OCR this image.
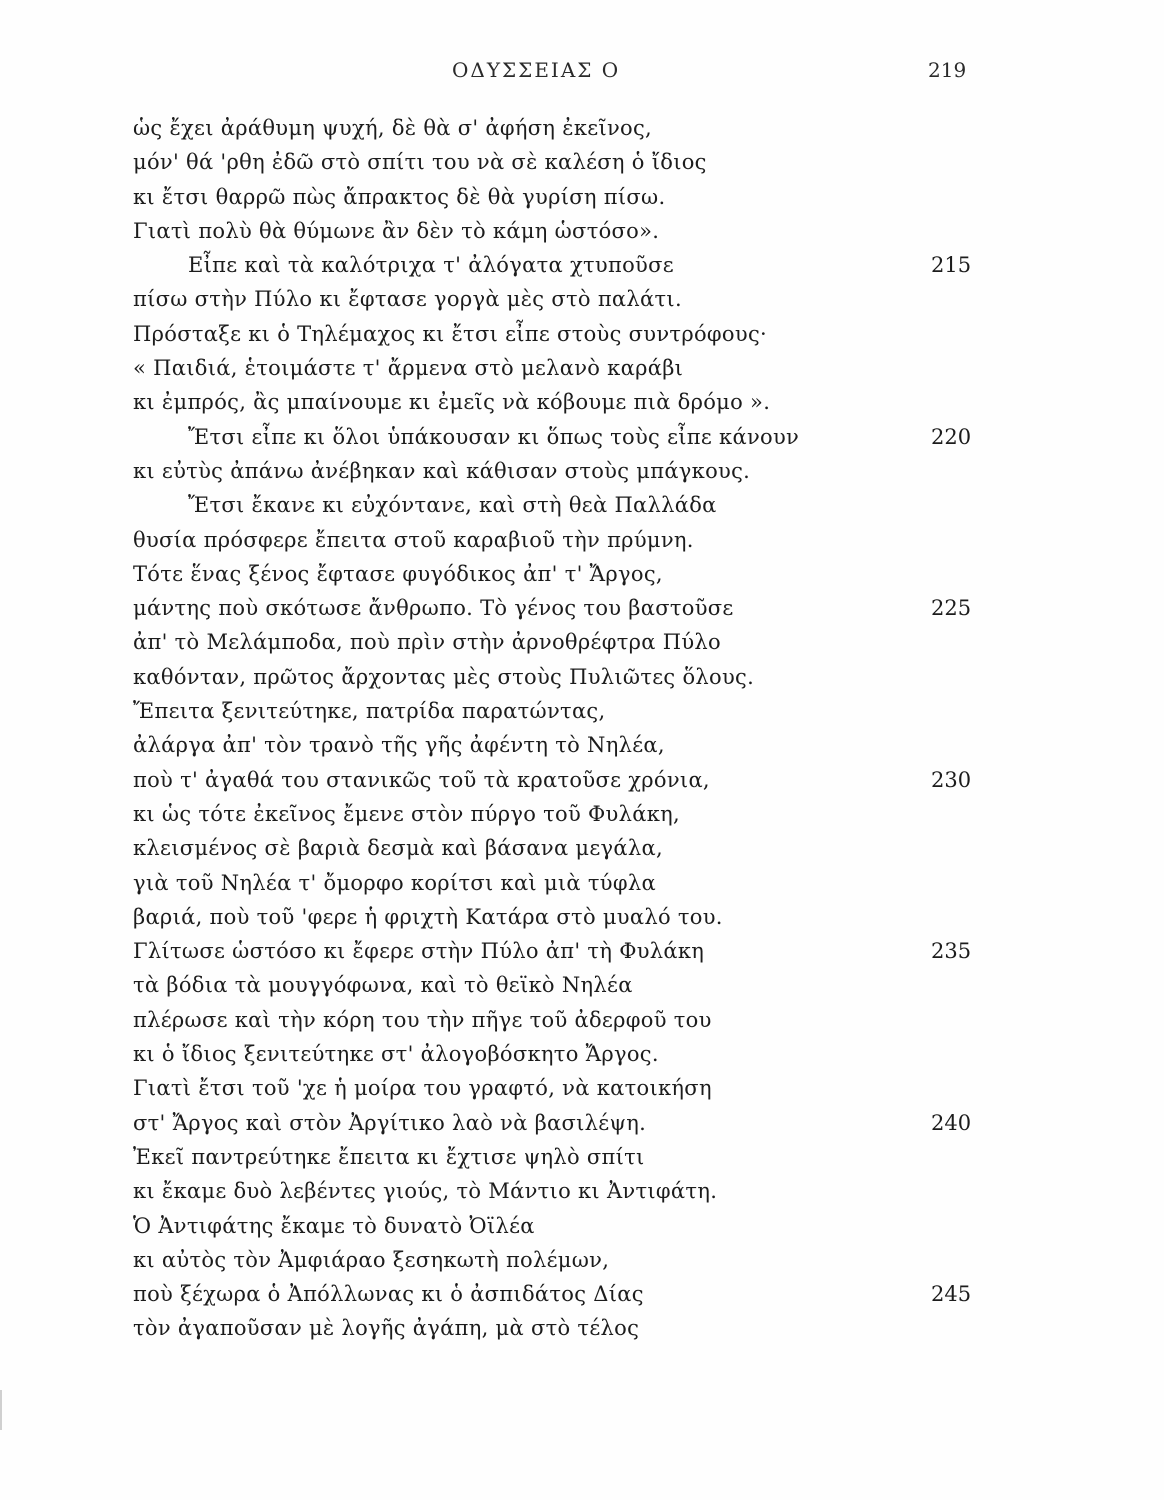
ΟΔΥΣΣΕΙΑΣ Ο	219
ὡς ἔχει ἀράθυμη ψυχή, δὲ θὰ σ' ἀφήση ἐκεῖνος,
μόν' θά 'ρθη ἐδῶ στὸ σπίτι του νὰ σὲ καλέση ὁ ἴδιος
κι ἔτσι θαρρῶ πὼς ἄπρακτος δὲ θὰ γυρίση πίσω.
Γιατὶ πολὺ θὰ θύμωνε ἂν δὲν τὸ κάμη ὡστόσο».
Εἶπε καὶ τὰ καλότριχα τ' ἀλόγατα χτυποῦσε	215
πίσω στὴν Πύλο κι ἔφτασε γοργὰ μὲς στὸ παλάτι.
Πρόσταξε κι ὁ Τηλέμαχος κι ἔτσι εἶπε στοὺς συντρόφους·
« Παιδιά, ἑτοιμάστε τ' ἄρμενα στὸ μελανὸ καράβι
κι ἐμπρός, ἂς μπαίνουμε κι ἐμεῖς νὰ κόβουμε πιὰ δρόμο ».
Ἔτσι εἶπε κι ὅλοι ὑπάκουσαν κι ὅπως τοὺς εἶπε κάνουν	220
κι εὐτὺς ἀπάνω ἀνέβηκαν καὶ κάθισαν στοὺς μπάγκους.
Ἔτσι ἔκανε κι εὐχόντανε, καὶ στὴ θεὰ Παλλάδα
θυσία πρόσφερε ἔπειτα στοῦ καραβιοῦ τὴν πρύμνη.
Τότε ἕνας ξένος ἔφτασε φυγόδικος ἀπ' τ' Ἄργος,
μάντης ποὺ σκότωσε ἄνθρωπο. Τὸ γένος του βαστοῦσε	225
ἀπ' τὸ Μελάμποδα, ποὺ πρὶν στὴν ἀρνοθρέφτρα Πύλο
καθόνταν, πρῶτος ἄρχοντας μὲς στοὺς Πυλιῶτες ὅλους.
Ἔπειτα ξενιτεύτηκε, πατρίδα παρατώντας,
ἀλάργα ἀπ' τὸν τρανὸ τῆς γῆς ἀφέντη τὸ Νηλέα,
ποὺ τ' ἀγαθά του στανικῶς τοῦ τὰ κρατοῦσε χρόνια,	230
κι ὡς τότε ἐκεῖνος ἔμενε στὸν πύργο τοῦ Φυλάκη,
κλεισμένος σὲ βαριὰ δεσμὰ καὶ βάσανα μεγάλα,
γιὰ τοῦ Νηλέα τ' ὄμορφο κορίτσι καὶ μιὰ τύφλα
βαριά, ποὺ τοῦ 'φερε ἡ φριχτὴ Κατάρα στὸ μυαλό του.
Γλίτωσε ὡστόσο κι ἔφερε στὴν Πύλο ἀπ' τὴ Φυλάκη	235
τὰ βόδια τὰ μουγγόφωνα, καὶ τὸ θεϊκὸ Νηλέα
πλέρωσε καὶ τὴν κόρη του τὴν πῆγε τοῦ ἀδερφοῦ του
κι ὁ ἴδιος ξενιτεύτηκε στ' ἀλογοβόσκητο Ἄργος.
Γιατὶ ἔτσι τοῦ 'χε ἡ μοίρα του γραφτό, νὰ κατοικήση
στ' Ἄργος καὶ στὸν Ἀργίτικο λαὸ νὰ βασιλέψη.	240
Ἐκεῖ παντρεύτηκε ἔπειτα κι ἔχτισε ψηλὸ σπίτι
κι ἔκαμε δυὸ λεβέντες γιούς, τὸ Μάντιο κι Ἀντιφάτη.
Ὁ Ἀντιφάτης ἔκαμε τὸ δυνατὸ Ὀϊλέα
κι αὐτὸς τὸν Ἀμφιάραο ξεσηκωτὴ πολέμων,
ποὺ ξέχωρα ὁ Ἀπόλλωνας κι ὁ ἀσπιδάτος Δίας	245
τὸν ἀγαποῦσαν μὲ λογῆς ἀγάπη, μὰ στὸ τέλος
